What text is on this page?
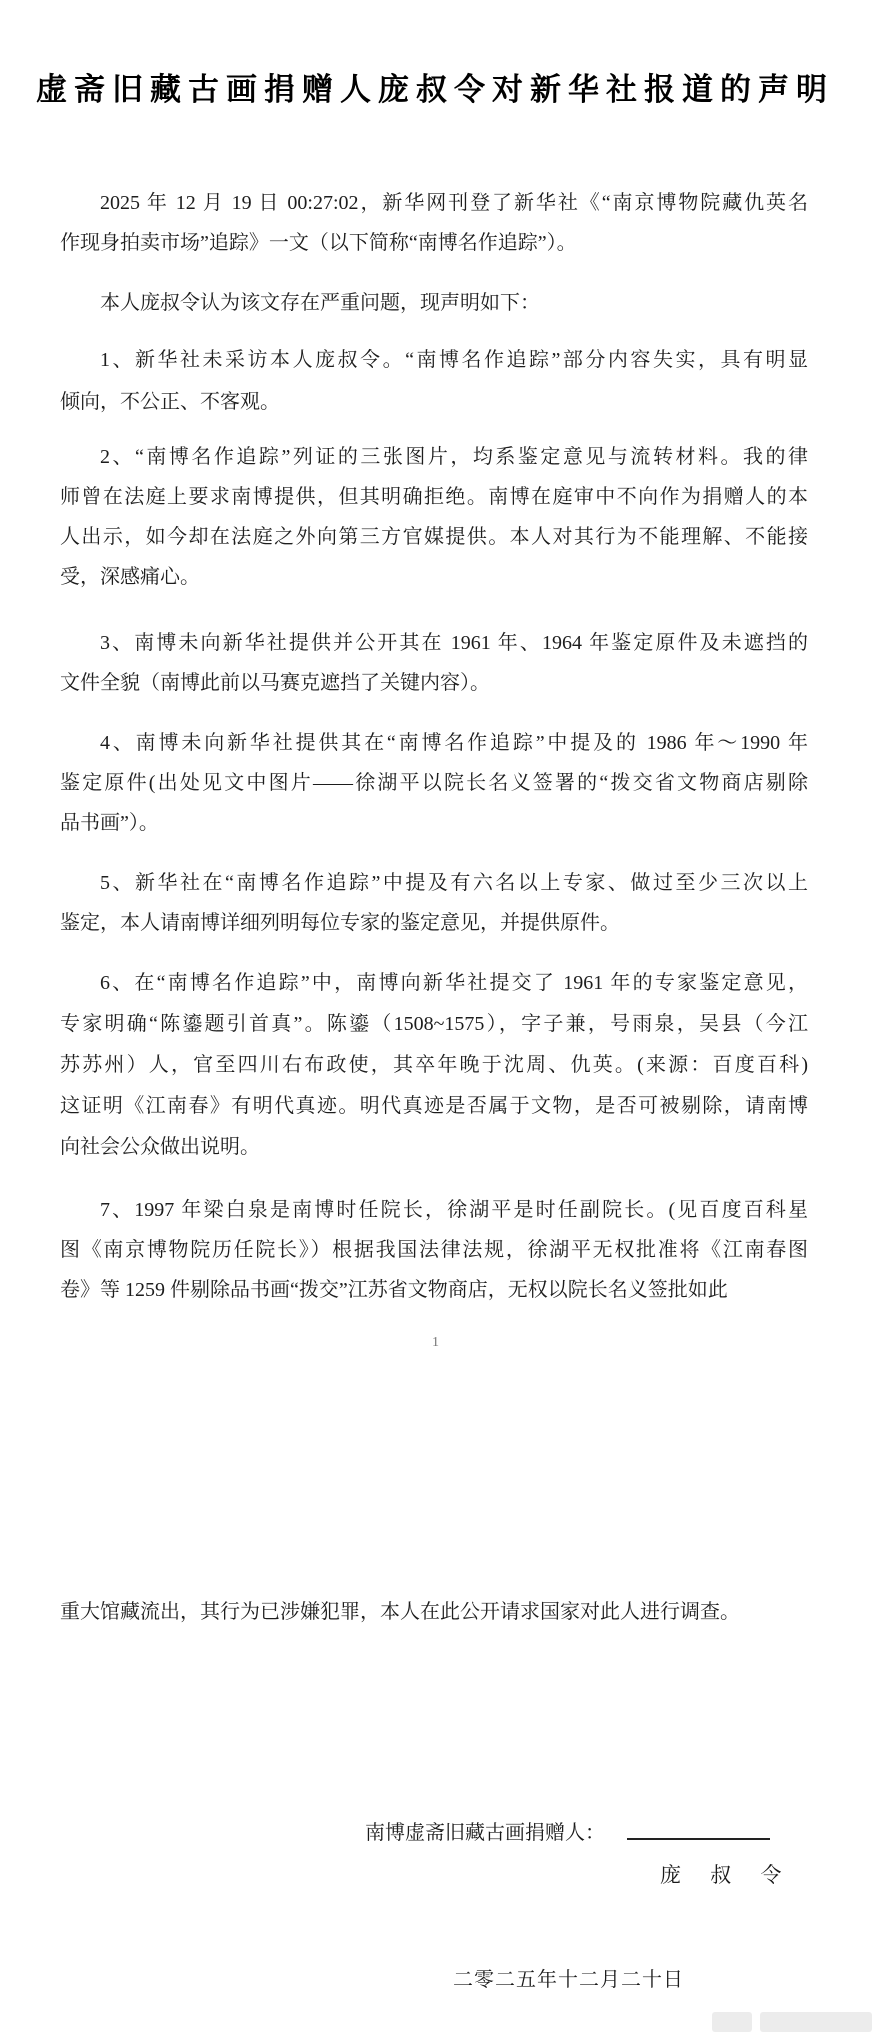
虚斋旧藏古画捐赠人庞叔令对新华社报道的声明
2025 年 12 月 19 日 00:27:02，新华网刊登了新华社《“南京博物院藏仇英名
作现身拍卖市场”追踪》一文（以下简称“南博名作追踪”）。
本人庞叔令认为该文存在严重问题，现声明如下：
1、新华社未采访本人庞叔令。“南博名作追踪”部分内容失实，具有明显
倾向，不公正、不客观。
2、“南博名作追踪”列证的三张图片，均系鉴定意见与流转材料。我的律
师曾在法庭上要求南博提供，但其明确拒绝。南博在庭审中不向作为捐赠人的本
人出示，如今却在法庭之外向第三方官媒提供。本人对其行为不能理解、不能接
受，深感痛心。
3、南博未向新华社提供并公开其在 1961 年、1964 年鉴定原件及未遮挡的
文件全貌（南博此前以马赛克遮挡了关键内容）。
4、南博未向新华社提供其在“南博名作追踪”中提及的 1986 年～1990 年
鉴定原件(出处见文中图片——徐湖平以院长名义签署的“拨交省文物商店剔除
品书画”）。
5、新华社在“南博名作追踪”中提及有六名以上专家、做过至少三次以上
鉴定，本人请南博详细列明每位专家的鉴定意见，并提供原件。
6、在“南博名作追踪”中，南博向新华社提交了 1961 年的专家鉴定意见，
专家明确“陈鎏题引首真”。陈鎏（1508~1575），字子兼，号雨泉，吴县（今江
苏苏州）人，官至四川右布政使，其卒年晚于沈周、仇英。(来源：百度百科)
这证明《江南春》有明代真迹。明代真迹是否属于文物，是否可被剔除，请南博
向社会公众做出说明。
7、1997 年梁白泉是南博时任院长，徐湖平是时任副院长。(见百度百科星
图《南京博物院历任院长》）根据我国法律法规，徐湖平无权批准将《江南春图
卷》等 1259 件剔除品书画“拨交”江苏省文物商店，无权以院长名义签批如此
重大馆藏流出，其行为已涉嫌犯罪，本人在此公开请求国家对此人进行调查。
1
南博虚斋旧藏古画捐赠人：
庞 叔 令
二零二五年十二月二十日
